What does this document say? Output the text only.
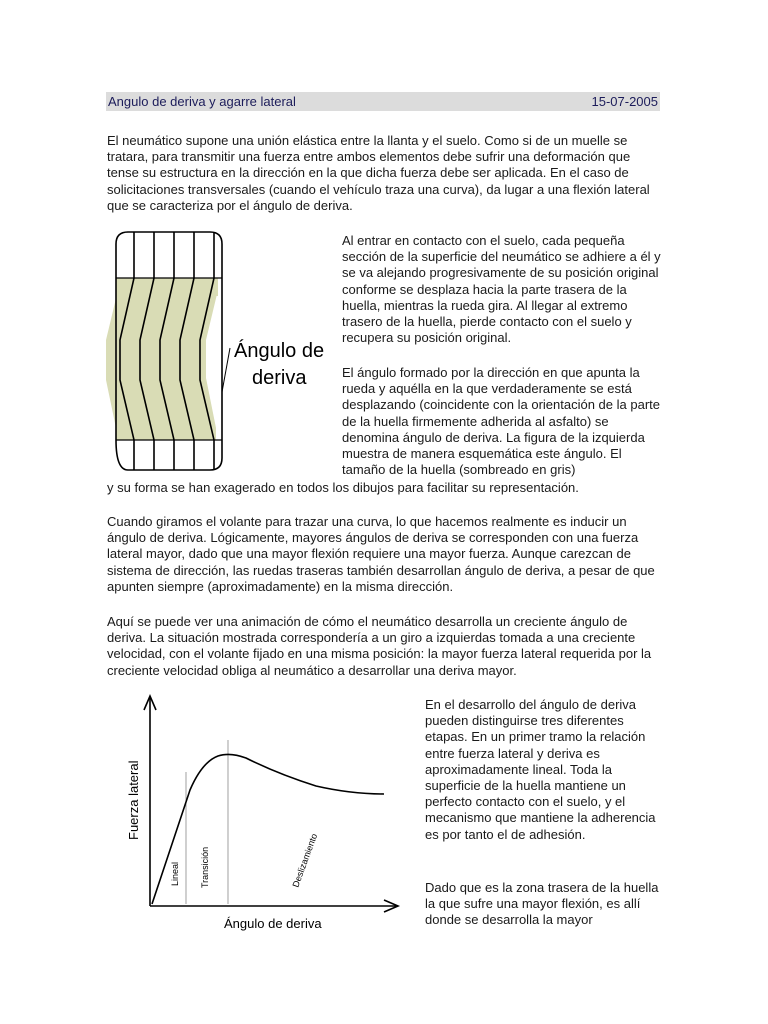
Angulo de deriva y agarre lateral	15-07-2005

El neumático supone una unión elástica entre la llanta y el suelo. Como si de un muelle se tratara, para transmitir una fuerza entre ambos elementos debe sufrir una deformación que tense su estructura en la dirección en la que dicha fuerza debe ser aplicada. En el caso de solicitaciones transversales (cuando el vehículo traza una curva), da lugar a una flexión lateral que se caracteriza por el ángulo de deriva.

Ángulo de
deriva

Al entrar en contacto con el suelo, cada pequeña sección de la superficie del neumático se adhiere a él y se va alejando progresivamente de su posición original conforme se desplaza hacia la parte trasera de la huella, mientras la rueda gira. Al llegar al extremo trasero de la huella, pierde contacto con el suelo y recupera su posición original.

El ángulo formado por la dirección en que apunta la rueda y aquélla en la que verdaderamente se está desplazando (coincidente con la orientación de la parte de la huella firmemente adherida al asfalto) se denomina ángulo de deriva. La figura de la izquierda muestra de manera esquemática este ángulo. El tamaño de la huella (sombreado en gris)

y su forma se han exagerado en todos los dibujos para facilitar su representación.

Cuando giramos el volante para trazar una curva, lo que hacemos realmente es inducir un ángulo de deriva. Lógicamente, mayores ángulos de deriva se corresponden con una fuerza lateral mayor, dado que una mayor flexión requiere una mayor fuerza. Aunque carezcan de sistema de dirección, las ruedas traseras también desarrollan ángulo de deriva, a pesar de que apunten siempre (aproximadamente) en la misma dirección.

Aquí se puede ver una animación de cómo el neumático desarrolla un creciente ángulo de deriva. La situación mostrada correspondería a un giro a izquierdas tomada a una creciente velocidad, con el volante fijado en una misma posición: la mayor fuerza lateral requerida por la creciente velocidad obliga al neumático a desarrollar una deriva mayor.

Fuerza lateral
Ángulo de deriva
Lineal Transición	Deslizamiento

En el desarrollo del ángulo de deriva pueden distinguirse tres diferentes etapas. En un primer tramo la relación entre fuerza lateral y deriva es aproximadamente lineal. Toda la superficie de la huella mantiene un perfecto contacto con el suelo, y el mecanismo que mantiene la adherencia es por tanto el de adhesión.

Dado que es la zona trasera de la huella la que sufre una mayor flexión, es allí donde se desarrolla la mayor
